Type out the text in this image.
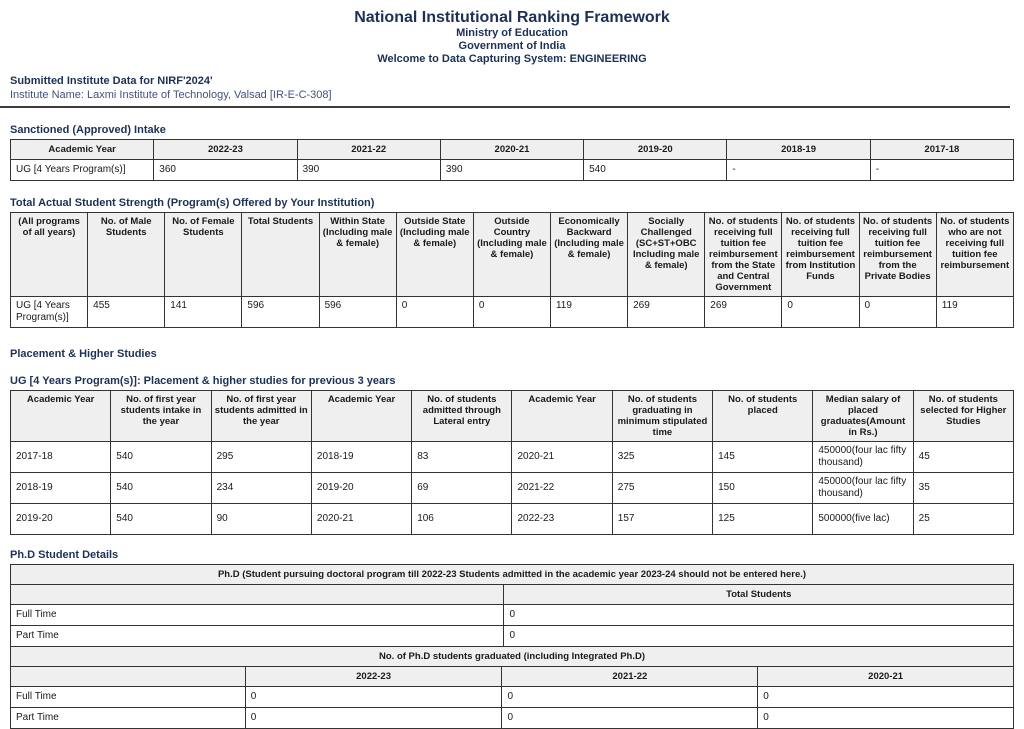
National Institutional Ranking Framework
Ministry of Education
Government of India
Welcome to Data Capturing System: ENGINEERING
Submitted Institute Data for NIRF'2024'
Institute Name: Laxmi Institute of Technology, Valsad [IR-E-C-308]
Sanctioned (Approved) Intake
Academic Year	2022-23	2021-22	2020-21	2019-20	2018-19	2017-18
UG [4 Years Program(s)]	360	390	390	540	-	-
Total Actual Student Strength (Program(s) Offered by Your Institution)
(All programs of all years)	No. of Male Students	No. of Female Students	Total Students	Within State (Including male & female)	Outside State (Including male & female)	Outside Country (Including male & female)	Economically Backward (Including male & female)	Socially Challenged (SC+ST+OBC Including male & female)	No. of students receiving full tuition fee reimbursement from the State and Central Government	No. of students receiving full tuition fee reimbursement from Institution Funds	No. of students receiving full tuition fee reimbursement from the Private Bodies	No. of students who are not receiving full tuition fee reimbursement
UG [4 Years Program(s)]	455	141	596	596	0	0	119	269	269	0	0	119
Placement & Higher Studies
UG [4 Years Program(s)]: Placement & higher studies for previous 3 years
Academic Year	No. of first year students intake in the year	No. of first year students admitted in the year	Academic Year	No. of students admitted through Lateral entry	Academic Year	No. of students graduating in minimum stipulated time	No. of students placed	Median salary of placed graduates(Amount in Rs.)	No. of students selected for Higher Studies
2017-18	540	295	2018-19	83	2020-21	325	145	450000(four lac fifty thousand)	45
2018-19	540	234	2019-20	69	2021-22	275	150	450000(four lac fifty thousand)	35
2019-20	540	90	2020-21	106	2022-23	157	125	500000(five lac)	25
Ph.D Student Details
Ph.D (Student pursuing doctoral program till 2022-23 Students admitted in the academic year 2023-24 should not be entered here.)	
	Total Students
Full Time	0
Part Time	0
No. of Ph.D students graduated (including Integrated Ph.D)			
	2022-23	2021-22	2020-21
Full Time	0	0	0
Part Time	0	0	0
